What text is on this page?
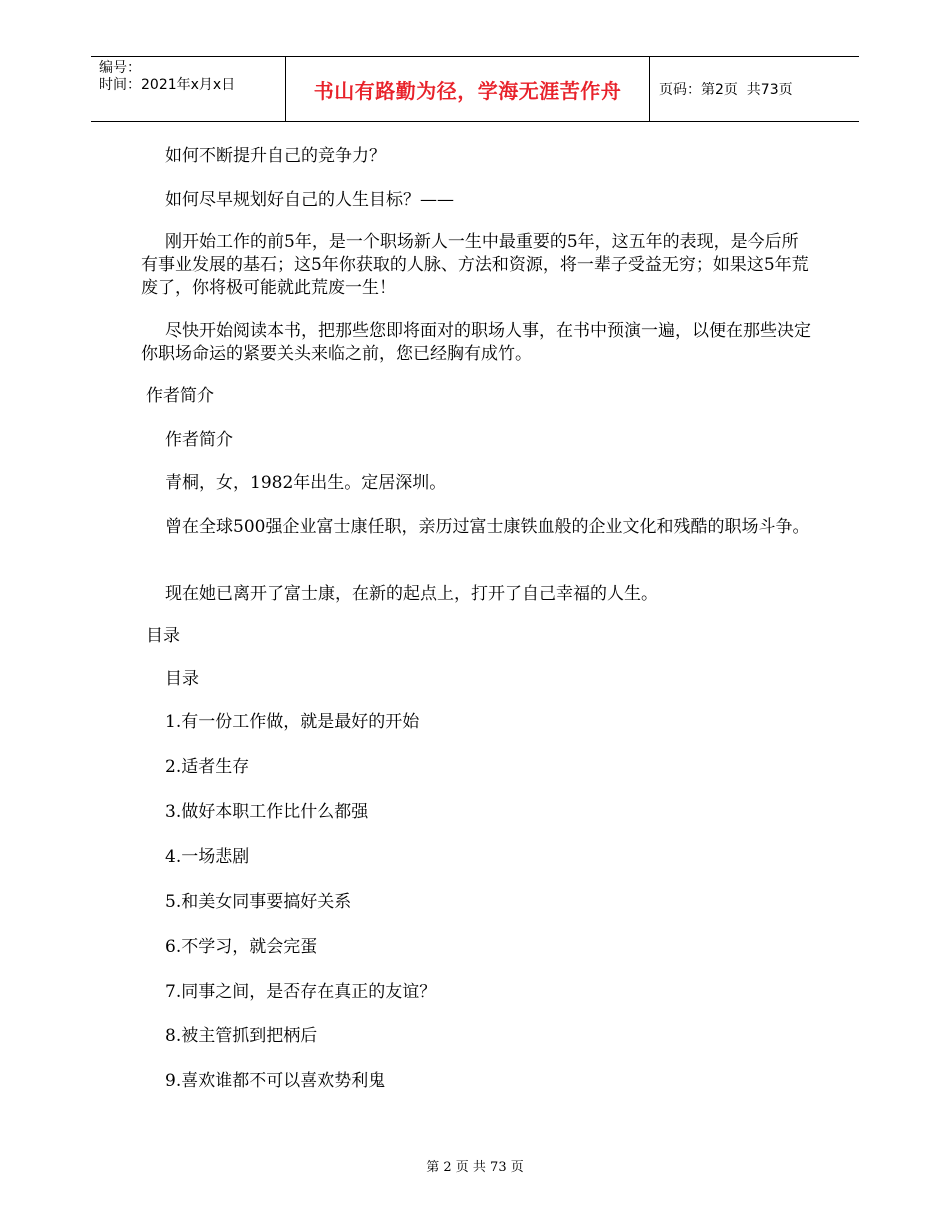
编号：
时间：2021年x月x日	书山有路勤为径，学海无涯苦作舟	页码：第2页  共73页
如何不断提升自己的竞争力？
如何尽早规划好自己的人生目标？——
刚开始工作的前5年，是一个职场新人一生中最重要的5年，这五年的表现，是今后所有事业发展的基石；这5年你获取的人脉、方法和资源，将一辈子受益无穷；如果这5年荒废了，你将极可能就此荒废一生！
尽快开始阅读本书，把那些您即将面对的职场人事，在书中预演一遍，以便在那些决定你职场命运的紧要关头来临之前，您已经胸有成竹。
作者简介
作者简介
青桐，女，1982年出生。定居深圳。
曾在全球500强企业富士康任职，亲历过富士康铁血般的企业文化和残酷的职场斗争。
现在她已离开了富士康，在新的起点上，打开了自己幸福的人生。
目录
目录
1.有一份工作做，就是最好的开始
2.适者生存
3.做好本职工作比什么都强
4.一场悲剧
5.和美女同事要搞好关系
6.不学习，就会完蛋
7.同事之间，是否存在真正的友谊？
8.被主管抓到把柄后
9.喜欢谁都不可以喜欢势利鬼
第 2 页 共 73 页
